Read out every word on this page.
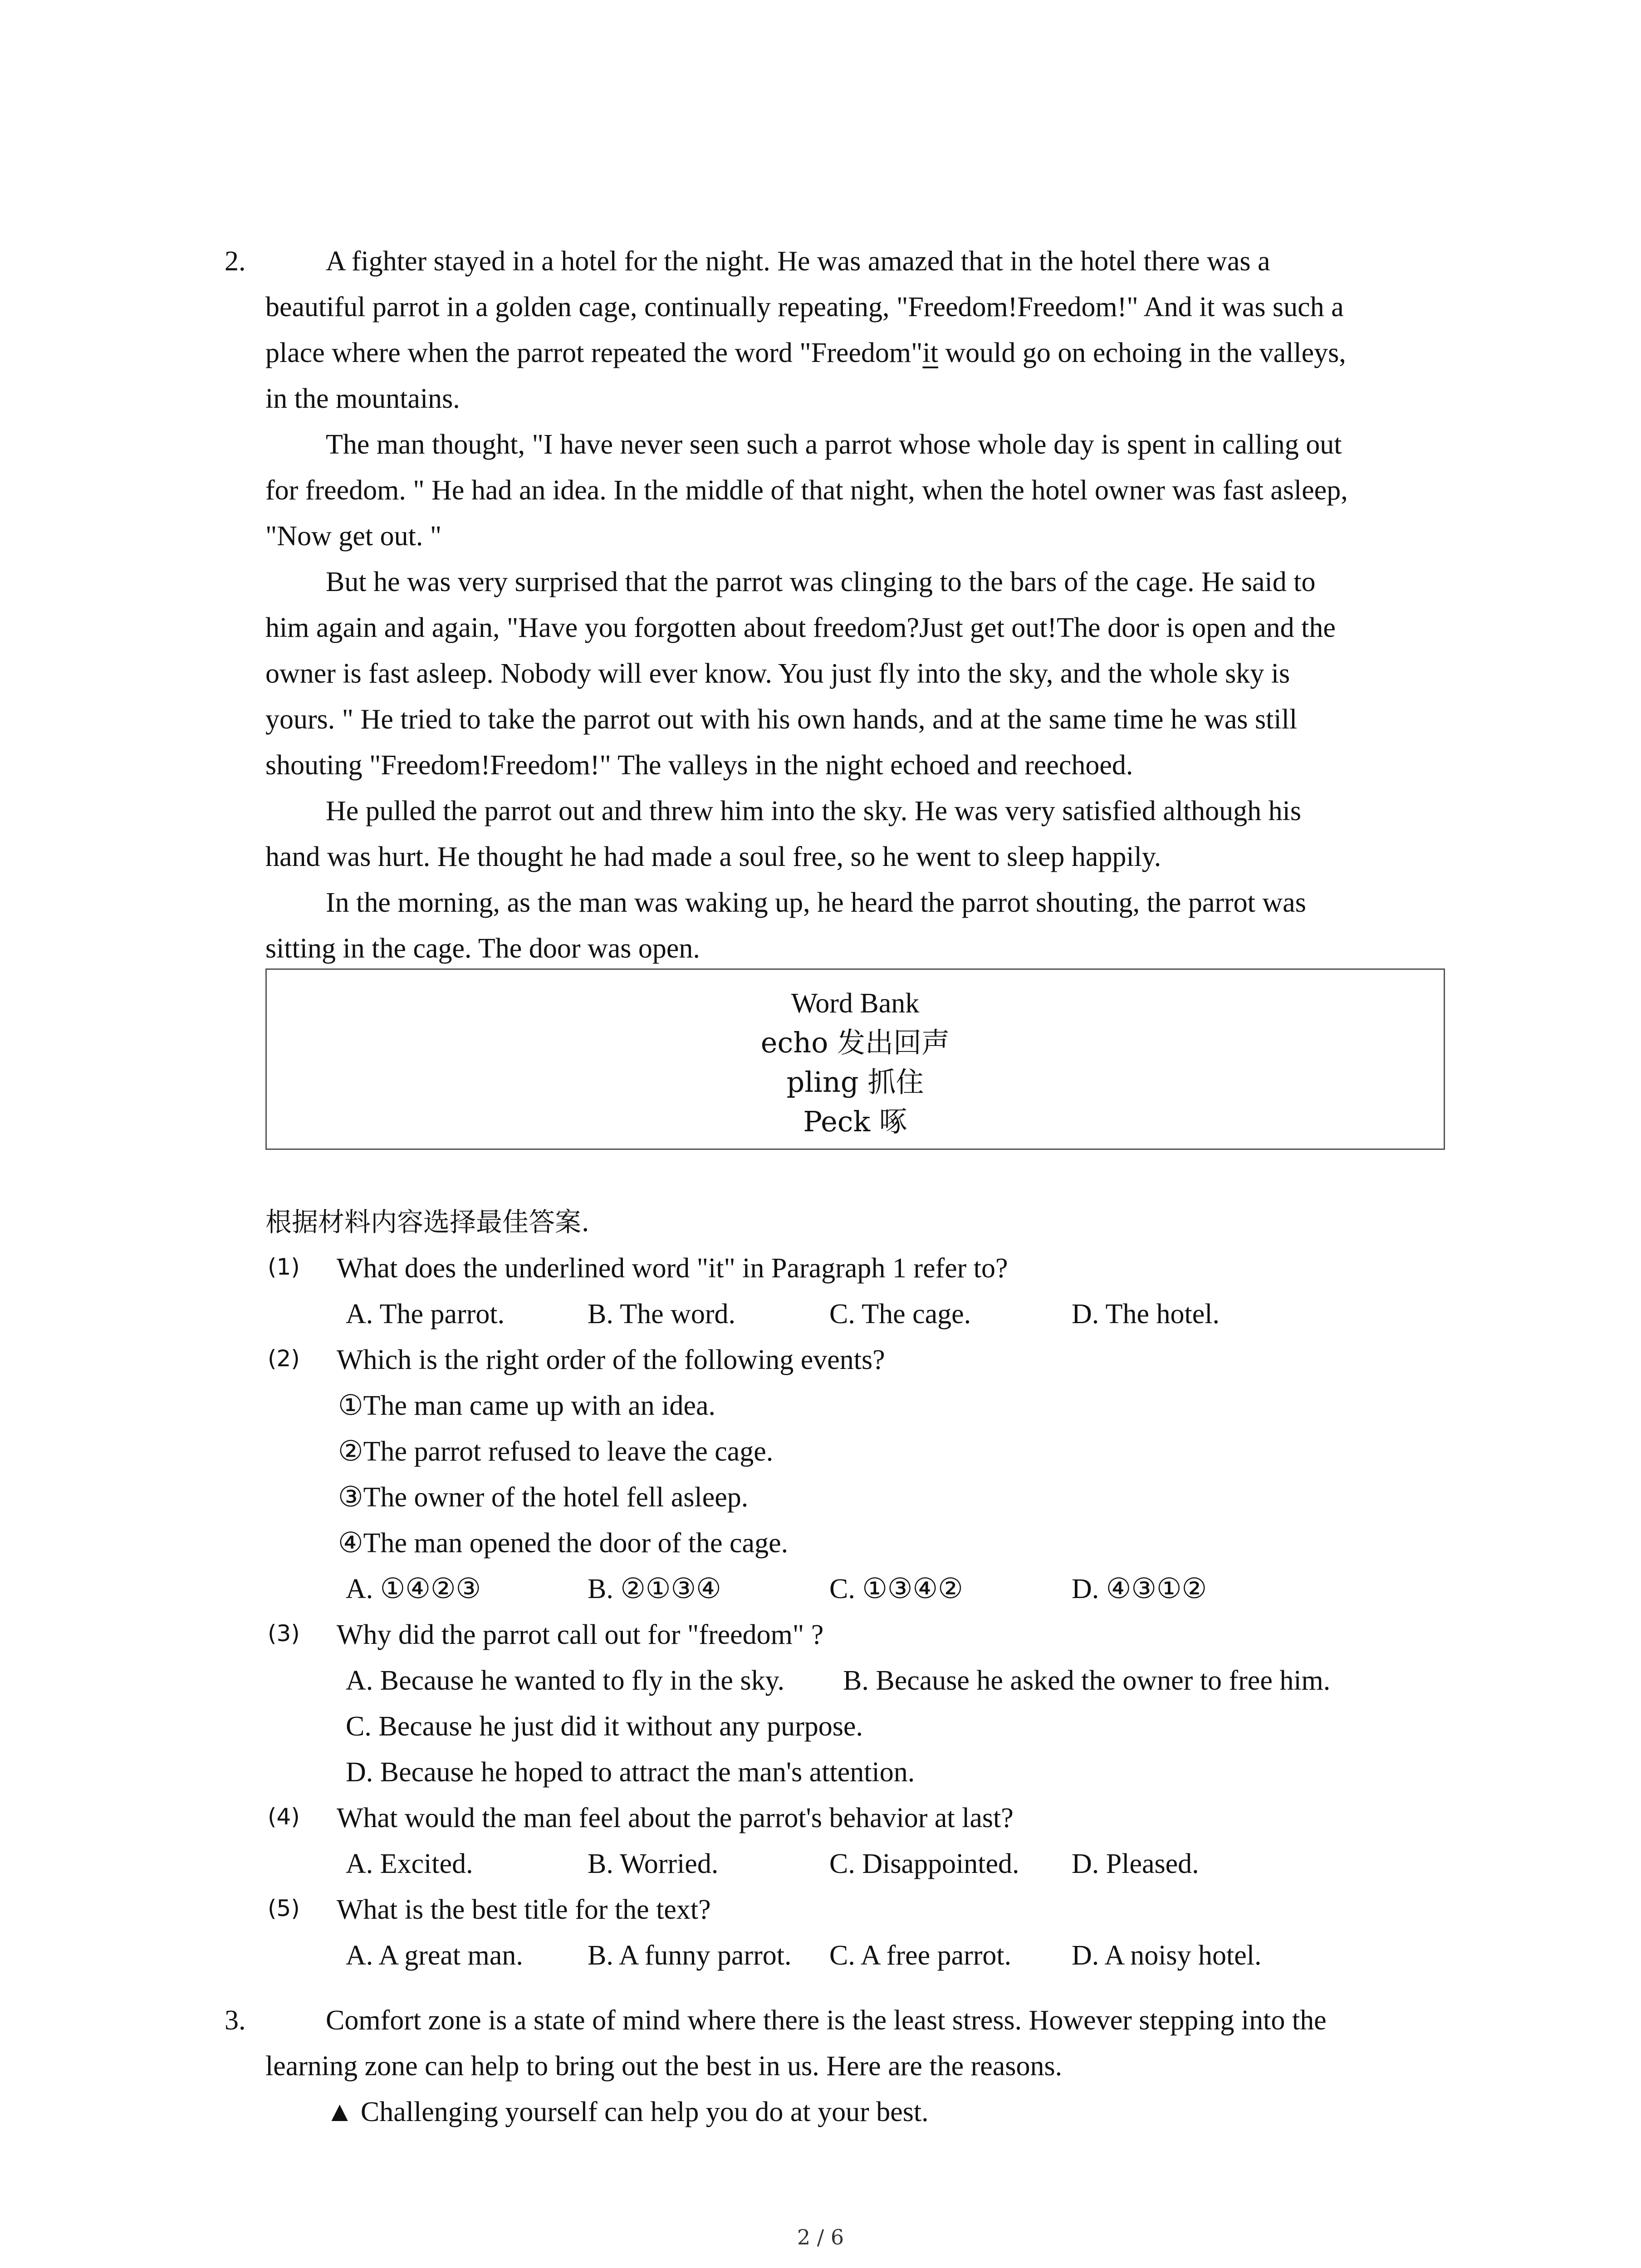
2.	A fighter stayed in a hotel for the night. He was amazed that in the hotel there was a
beautiful parrot in a golden cage, continually repeating, "Freedom!Freedom!" And it was such a
place where when the parrot repeated the word "Freedom"it would go on echoing in the valleys,
in the mountains.
The man thought, "I have never seen such a parrot whose whole day is spent in calling out
for freedom. " He had an idea. In the middle of that night, when the hotel owner was fast asleep,
"Now get out. "
But he was very surprised that the parrot was clinging to the bars of the cage. He said to
him again and again, "Have you forgotten about freedom?Just get out!The door is open and the
owner is fast asleep. Nobody will ever know. You just fly into the sky, and the whole sky is
yours. " He tried to take the parrot out with his own hands, and at the same time he was still
shouting "Freedom!Freedom!" The valleys in the night echoed and reechoed.
He pulled the parrot out and threw him into the sky. He was very satisfied although his
hand was hurt. He thought he had made a soul free, so he went to sleep happily.
In the morning, as the man was waking up, he heard the parrot shouting, the parrot was
sitting in the cage. The door was open.
Word Bank
echo 发出回声
pling 抓住
Peck 啄
根据材料内容选择最佳答案.
(1) What does the underlined word "it" in Paragraph 1 refer to?
A. The parrot.	B. The word.	C. The cage.	D. The hotel.
(2) Which is the right order of the following events?
①The man came up with an idea.
②The parrot refused to leave the cage.
③The owner of the hotel fell asleep.
④The man opened the door of the cage.
A. ①④②③	B. ②①③④	C. ①③④②	D. ④③①②
(3) Why did the parrot call out for "freedom" ?
A. Because he wanted to fly in the sky. B. Because he asked the owner to free him.
C. Because he just did it without any purpose.
D. Because he hoped to attract the man's attention.
(4) What would the man feel about the parrot's behavior at last?
A. Excited.	B. Worried.	C. Disappointed. D. Pleased.
(5) What is the best title for the text?
A. A great man. B. A funny parrot. C. A free parrot. D. A noisy hotel.
3.	Comfort zone is a state of mind where there is the least stress. However stepping into the
learning zone can help to bring out the best in us. Here are the reasons.
▲ Challenging yourself can help you do at your best.
2 / 6
